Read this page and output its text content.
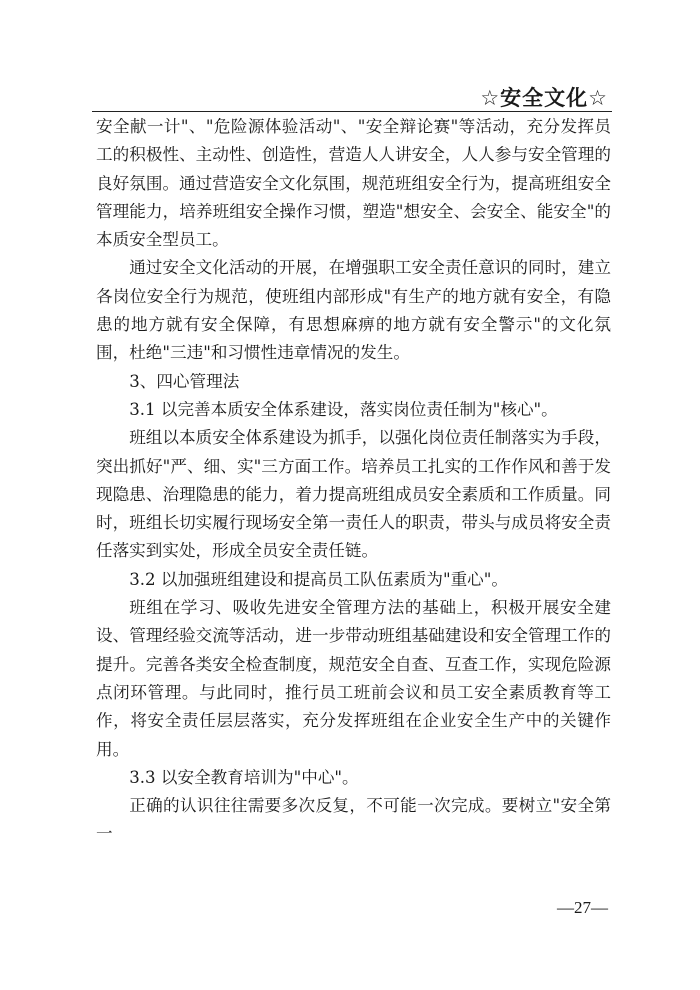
☆安全文化☆

安全献一计"、"危险源体验活动"、"安全辩论赛"等活动，充分发挥员工的积极性、主动性、创造性，营造人人讲安全，人人参与安全管理的良好氛围。通过营造安全文化氛围，规范班组安全行为，提高班组安全管理能力，培养班组安全操作习惯，塑造"想安全、会安全、能安全"的本质安全型员工。

通过安全文化活动的开展，在增强职工安全责任意识的同时，建立各岗位安全行为规范，使班组内部形成"有生产的地方就有安全，有隐患的地方就有安全保障，有思想麻痹的地方就有安全警示"的文化氛围，杜绝"三违"和习惯性违章情况的发生。

3、四心管理法

3.1 以完善本质安全体系建设，落实岗位责任制为"核心"。

班组以本质安全体系建设为抓手，以强化岗位责任制落实为手段，突出抓好"严、细、实"三方面工作。培养员工扎实的工作作风和善于发现隐患、治理隐患的能力，着力提高班组成员安全素质和工作质量。同时，班组长切实履行现场安全第一责任人的职责，带头与成员将安全责任落实到实处，形成全员安全责任链。

3.2 以加强班组建设和提高员工队伍素质为"重心"。

班组在学习、吸收先进安全管理方法的基础上，积极开展安全建设、管理经验交流等活动，进一步带动班组基础建设和安全管理工作的提升。完善各类安全检查制度，规范安全自查、互查工作，实现危险源点闭环管理。与此同时，推行员工班前会议和员工安全素质教育等工作，将安全责任层层落实，充分发挥班组在企业安全生产中的关键作用。

3.3 以安全教育培训为"中心"。

正确的认识往往需要多次反复，不可能一次完成。要树立"安全第一

—27—
